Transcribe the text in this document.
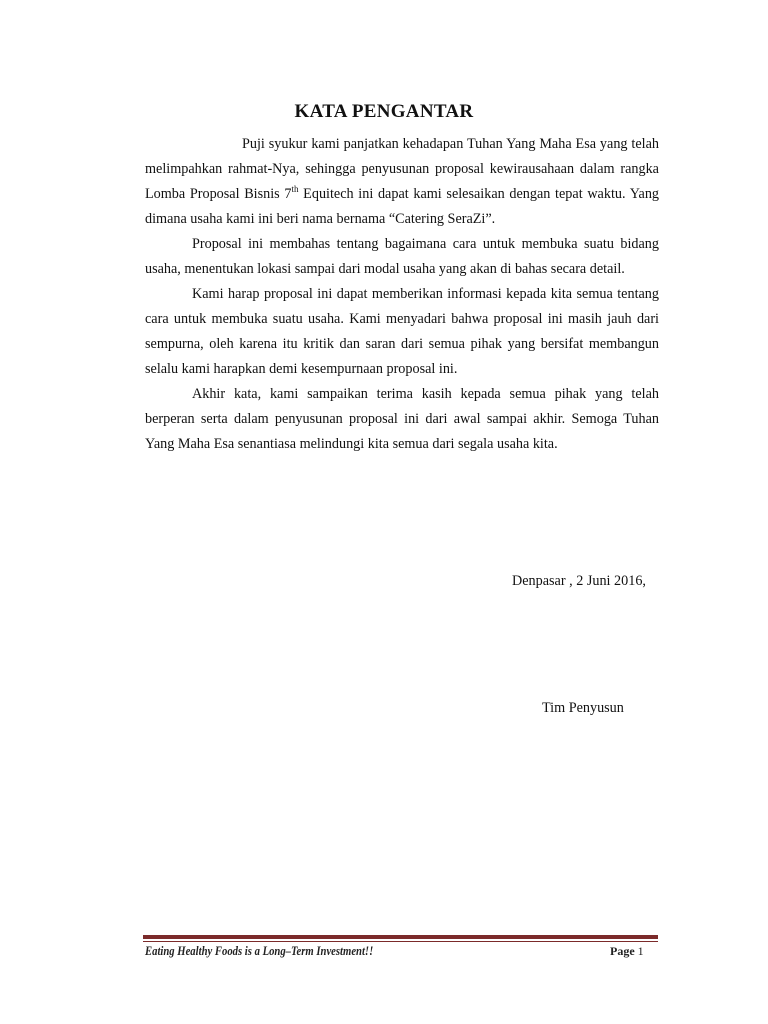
KATA PENGANTAR

Puji syukur kami panjatkan kehadapan Tuhan Yang Maha Esa yang telah melimpahkan rahmat-Nya, sehingga penyusunan proposal kewirausahaan dalam rangka Lomba Proposal Bisnis 7th Equitech ini dapat kami selesaikan dengan tepat waktu. Yang dimana usaha kami ini beri nama bernama “Catering SeraZi”.

Proposal ini membahas tentang bagaimana cara untuk membuka suatu bidang usaha, menentukan lokasi sampai dari modal usaha yang akan di bahas secara detail.

Kami harap proposal ini dapat memberikan informasi kepada kita semua tentang cara untuk membuka suatu usaha. Kami menyadari bahwa proposal ini masih jauh dari sempurna, oleh karena itu kritik dan saran dari semua pihak yang bersifat membangun selalu kami harapkan demi kesempurnaan proposal ini.

Akhir kata, kami sampaikan terima kasih kepada semua pihak yang telah berperan serta dalam penyusunan proposal ini dari awal sampai akhir. Semoga Tuhan Yang Maha Esa senantiasa melindungi kita semua dari segala usaha kita.

Denpasar , 2 Juni 2016,
Tim Penyusun
Eating Healthy Foods is a Long–Term Investment!!	Page 1
